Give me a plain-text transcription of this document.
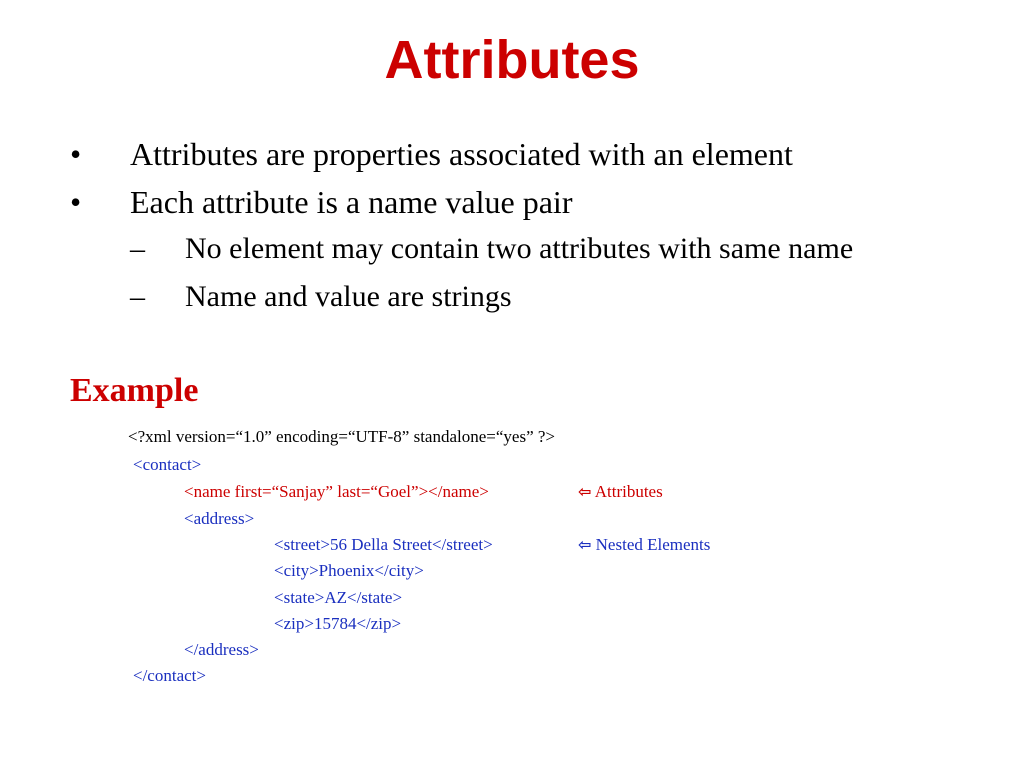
Attributes
• Attributes are properties associated with an element
• Each attribute is a name value pair
– No element may contain two attributes with same name
– Name and value are strings
Example
<?xml version=“1.0” encoding=“UTF-8” standalone=“yes” ?>
<contact>
<name first=“Sanjay” last=“Goel”></name>	⇦ Attributes
<address>
<street>56 Della Street</street>	⇦ Nested Elements
<city>Phoenix</city>
<state>AZ</state>
<zip>15784</zip>
</address>
</contact>
